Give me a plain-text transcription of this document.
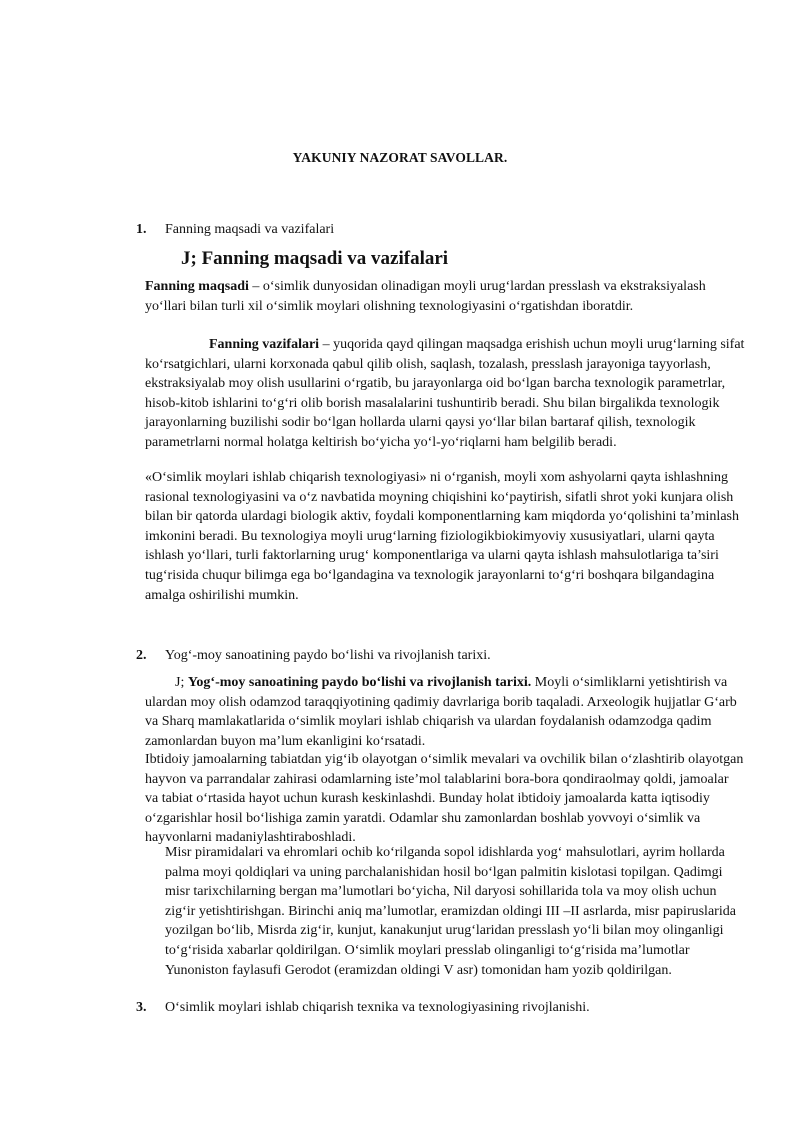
YAKUNIY NAZORAT SAVOLLAR.
1. Fanning maqsadi va vazifalari
J; Fanning maqsadi va vazifalari

Fanning maqsadi – o‘simlik dunyosidan olinadigan moyli urug‘lardan presslash va ekstraksiyalash yo‘llari bilan turli xil o‘simlik moylari olishning texnologiyasini o‘rgatishdan iboratdir.

Fanning vazifalari – yuqorida qayd qilingan maqsadga erishish uchun moyli urug‘larning sifat ko‘rsatgichlari, ularni korxonada qabul qilib olish, saqlash, tozalash, presslash jarayoniga tayyorlash, ekstraksiyalab moy olish usullarini o‘rgatib, bu jarayonlarga oid bo‘lgan barcha texnologik parametrlar, hisob-kitob ishlarini to‘g‘ri olib borish masalalarini tushuntirib beradi. Shu bilan birgalikda texnologik jarayonlarning buzilishi sodir bo‘lgan hollarda ularni qaysi yo‘llar bilan bartaraf qilish, texnologik parametrlarni normal holatga keltirish bo‘yicha yo‘l-yo‘riqlarni ham belgilib beradi.

«O‘simlik moylari ishlab chiqarish texnologiyasi» ni o‘rganish, moyli xom ashyolarni qayta ishlashning rasional texnologiyasini va o‘z navbatida moyning chiqishini ko‘paytirish, sifatli shrot yoki kunjara olish bilan bir qatorda ulardagi biologik aktiv, foydali komponentlarning kam miqdorda yo‘qolishini ta’minlash imkonini beradi. Bu texnologiya moyli urug‘larning fiziologikbiokimyoviy xususiyatlari, ularni qayta ishlash yo‘llari, turli faktorlarning urug‘ komponentlariga va ularni qayta ishlash mahsulotlariga ta’siri tug‘risida chuqur bilimga ega bo‘lgandagina va texnologik jarayonlarni to‘g‘ri boshqara bilgandagina amalga oshirilishi mumkin.

2. Yog‘-moy sanoatining paydo bo‘lishi va rivojlanish tarixi.

J; Yog‘-moy sanoatining paydo bo‘lishi va rivojlanish tarixi. Moyli o‘simliklarni yetishtirish va ulardan moy olish odamzod taraqqiyotining qadimiy davrlariga borib taqaladi. Arxeologik hujjatlar G‘arb va Sharq mamlakatlarida o‘simlik moylari ishlab chiqarish va ulardan foydalanish odamzodga qadim zamonlardan buyon ma’lum ekanligini ko‘rsatadi.

Ibtidoiy jamoalarning tabiatdan yig‘ib olayotgan o‘simlik mevalari va ovchilik bilan o‘zlashtirib olayotgan hayvon va parrandalar zahirasi odamlarning iste’mol talablarini bora-bora qondiraolmay qoldi, jamoalar va tabiat o‘rtasida hayot uchun kurash keskinlashdi. Bunday holat ibtidoiy jamoalarda katta iqtisodiy o‘zgarishlar hosil bo‘lishiga zamin yaratdi. Odamlar shu zamonlardan boshlab yovvoyi o‘simlik va hayvonlarni madaniylashtiraboshladi.

Misr piramidalari va ehromlari ochib ko‘rilganda sopol idishlarda yog‘ mahsulotlari, ayrim hollarda palma moyi qoldiqlari va uning parchalanishidan hosil bo‘lgan palmitin kislotasi topilgan. Qadimgi misr tarixchilarning bergan ma’lumotlari bo‘yicha, Nil daryosi sohillarida tola va moy olish uchun zig‘ir yetishtirishgan. Birinchi aniq ma’lumotlar, eramizdan oldingi III –II asrlarda, misr papiruslarida yozilgan bo‘lib, Misrda zig‘ir, kunjut, kanakunjut urug‘laridan presslash yo‘li bilan moy olinganligi to‘g‘risida xabarlar qoldirilgan. O‘simlik moylari presslab olinganligi to‘g‘risida ma’lumotlar Yunoniston faylasufi Gerodot (eramizdan oldingi V asr) tomonidan ham yozib qoldirilgan.

3. O‘simlik moylari ishlab chiqarish texnika va texnologiyasining rivojlanishi.
